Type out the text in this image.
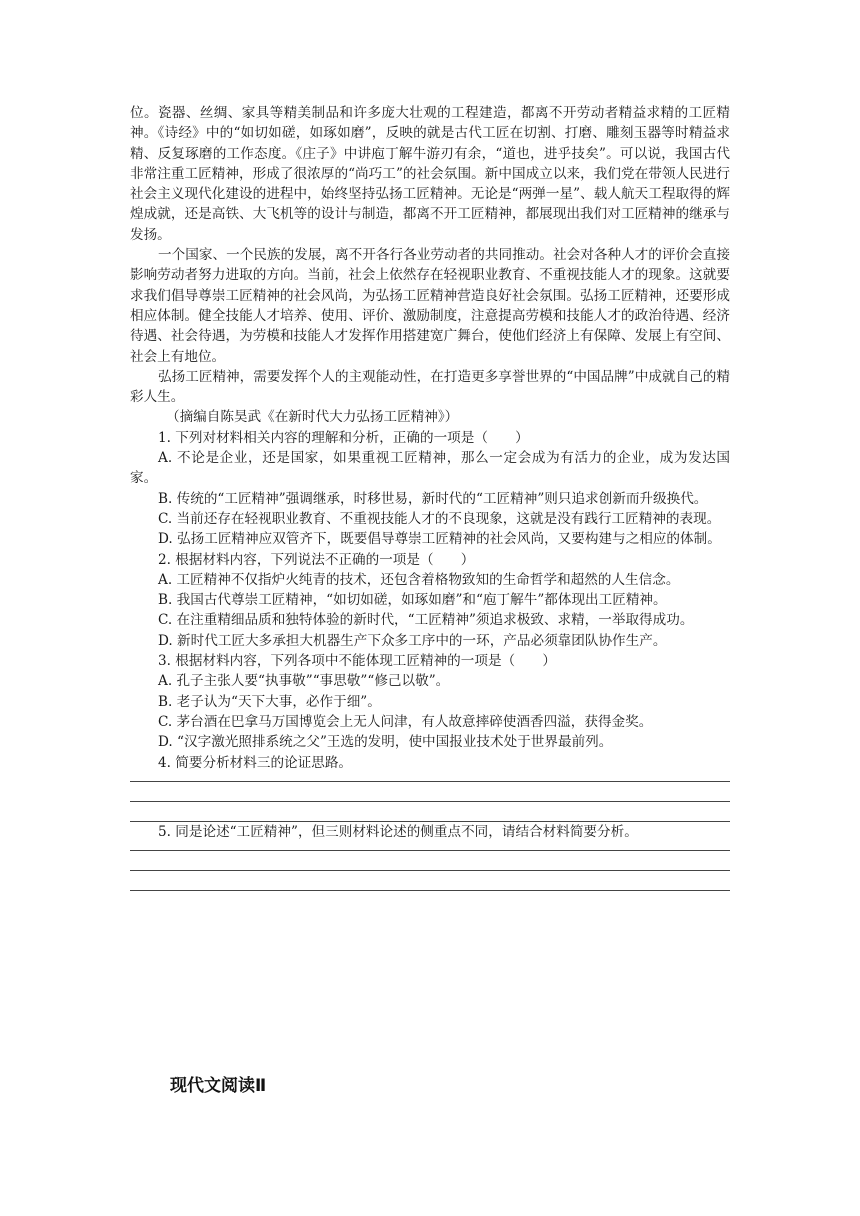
位。瓷器、丝绸、家具等精美制品和许多庞大壮观的工程建造，都离不开劳动者精益求精的工匠精神。《诗经》中的“如切如磋，如琢如磨”，反映的就是古代工匠在切割、打磨、雕刻玉器等时精益求精、反复琢磨的工作态度。《庄子》中讲庖丁解牛游刃有余，“道也，进乎技矣”。可以说，我国古代非常注重工匠精神，形成了很浓厚的“尚巧工”的社会氛围。新中国成立以来，我们党在带领人民进行社会主义现代化建设的进程中，始终坚持弘扬工匠精神。无论是“两弹一星”、载人航天工程取得的辉煌成就，还是高铁、大飞机等的设计与制造，都离不开工匠精神，都展现出我们对工匠精神的继承与发扬。

一个国家、一个民族的发展，离不开各行各业劳动者的共同推动。社会对各种人才的评价会直接影响劳动者努力进取的方向。当前，社会上依然存在轻视职业教育、不重视技能人才的现象。这就要求我们倡导尊崇工匠精神的社会风尚，为弘扬工匠精神营造良好社会氛围。弘扬工匠精神，还要形成相应体制。健全技能人才培养、使用、评价、激励制度，注意提高劳模和技能人才的政治待遇、经济待遇、社会待遇，为劳模和技能人才发挥作用搭建宽广舞台，使他们经济上有保障、发展上有空间、社会上有地位。

弘扬工匠精神，需要发挥个人的主观能动性，在打造更多享誉世界的“中国品牌”中成就自己的精彩人生。

（摘编自陈昊武《在新时代大力弘扬工匠精神》）

1. 下列对材料相关内容的理解和分析，正确的一项是（　　）

A. 不论是企业，还是国家，如果重视工匠精神，那么一定会成为有活力的企业，成为发达国家。

B. 传统的“工匠精神”强调继承，时移世易，新时代的“工匠精神”则只追求创新而升级换代。

C. 当前还存在轻视职业教育、不重视技能人才的不良现象，这就是没有践行工匠精神的表现。

D. 弘扬工匠精神应双管齐下，既要倡导尊崇工匠精神的社会风尚，又要构建与之相应的体制。

2. 根据材料内容，下列说法不正确的一项是（　　）

A. 工匠精神不仅指炉火纯青的技术，还包含着格物致知的生命哲学和超然的人生信念。

B. 我国古代尊崇工匠精神，“如切如磋，如琢如磨”和“庖丁解牛”都体现出工匠精神。

C. 在注重精细品质和独特体验的新时代，“工匠精神”须追求极致、求精，一举取得成功。

D. 新时代工匠大多承担大机器生产下众多工序中的一环，产品必须靠团队协作生产。

3. 根据材料内容，下列各项中不能体现工匠精神的一项是（　　）

A. 孔子主张人要“执事敬”“事思敬”“修己以敬”。

B. 老子认为“天下大事，必作于细”。

C. 茅台酒在巴拿马万国博览会上无人问津，有人故意摔碎使酒香四溢，获得金奖。

D. “汉字激光照排系统之父”王选的发明，使中国报业技术处于世界最前列。

4. 简要分析材料三的论证思路。

5. 同是论述“工匠精神”，但三则材料论述的侧重点不同，请结合材料简要分析。

现代文阅读Ⅱ
